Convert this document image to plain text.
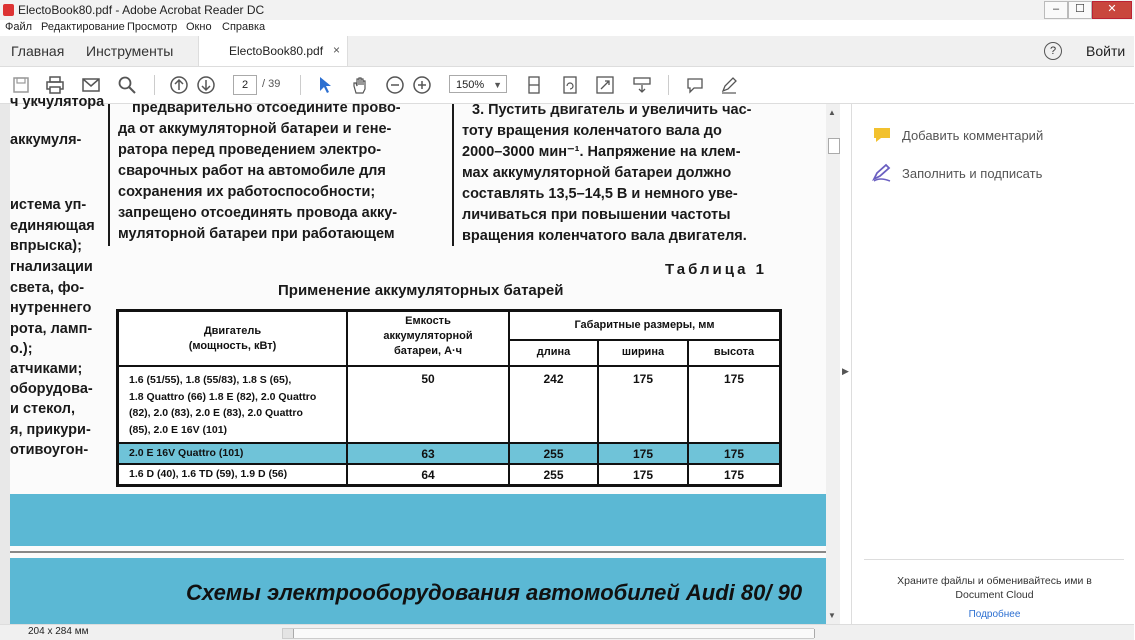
ElectoBook80.pdf - Adobe Acrobat Reader DC	–	☐	✕
Файл Редактирование Просмотр Окно Справка
Главная Инструменты	ElectoBook80.pdf ×	?	Войти
2	/ 39	150% ▼
ч укчулятора
аккумуля-
истема уп-
единяющая
впрыска);
гнализации
света, фо-
нутреннего
рота, ламп-
о.);
атчиками;
оборудова-
и стекол,
я, прикури-
отивоугон-
предварительно отсоедините прово-
да от аккумуляторной батареи и гене-
ратора перед проведением электро-
сварочных работ на автомобиле для
сохранения их работоспособности;
запрещено отсоединять провода акку-
муляторной батареи при работающем
3. Пустить двигатель и увеличить час-
тоту вращения коленчатого вала до
2000–3000 мин⁻¹. Напряжение на клем-
мах аккумуляторной батареи должно
составлять 13,5–14,5 В и немного уве-
личиваться при повышении частоты
вращения коленчатого вала двигателя.
Таблица 1
Применение аккумуляторных батарей
Двигатель
(мощность, кВт)
Емкость
аккумуляторной
батареи, А·ч
Габаритные размеры, мм
длина	ширина	высота
1.6 (51/55), 1.8 (55/83), 1.8 S (65),
1.8 Quattro (66) 1.8 E (82), 2.0 Quattro
(82), 2.0 (83), 2.0 E (83), 2.0 Quattro
(85), 2.0 E 16V (101)
50	242	175	175
2.0 E 16V Quattro (101)	63	255	175	175
1.6 D (40), 1.6 TD (59), 1.9 D (56)	64	255	175	175
Схемы электрооборудования автомобилей Audi 80/ 90
▲
▼
▶
Добавить комментарий
Заполнить и подписать
Храните файлы и обменивайтесь ими в Document Cloud
Подробнее
204 x 284 мм
